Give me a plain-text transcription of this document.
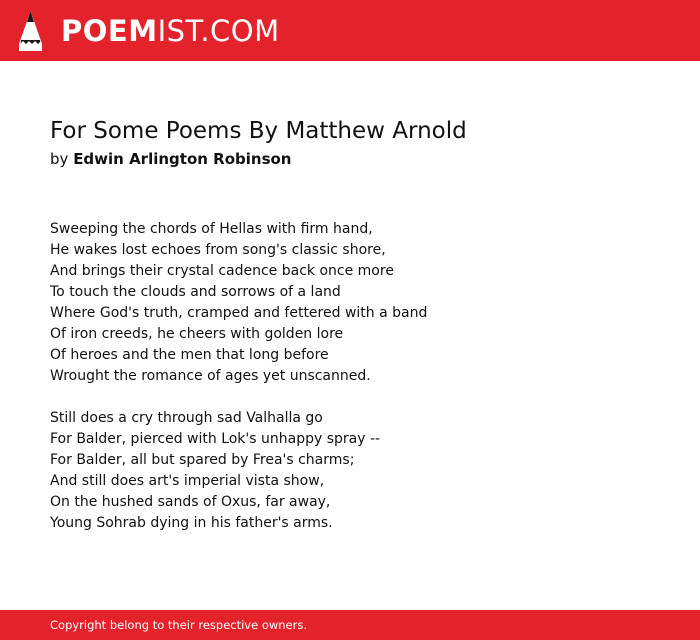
POEMIST.COM
For Some Poems By Matthew Arnold
by Edwin Arlington Robinson

Sweeping the chords of Hellas with firm hand,
He wakes lost echoes from song's classic shore,
And brings their crystal cadence back once more
To touch the clouds and sorrows of a land
Where God's truth, cramped and fettered with a band
Of iron creeds, he cheers with golden lore
Of heroes and the men that long before
Wrought the romance of ages yet unscanned.

Still does a cry through sad Valhalla go
For Balder, pierced with Lok's unhappy spray --
For Balder, all but spared by Frea's charms;
And still does art's imperial vista show,
On the hushed sands of Oxus, far away,
Young Sohrab dying in his father's arms.

Copyright belong to their respective owners.
